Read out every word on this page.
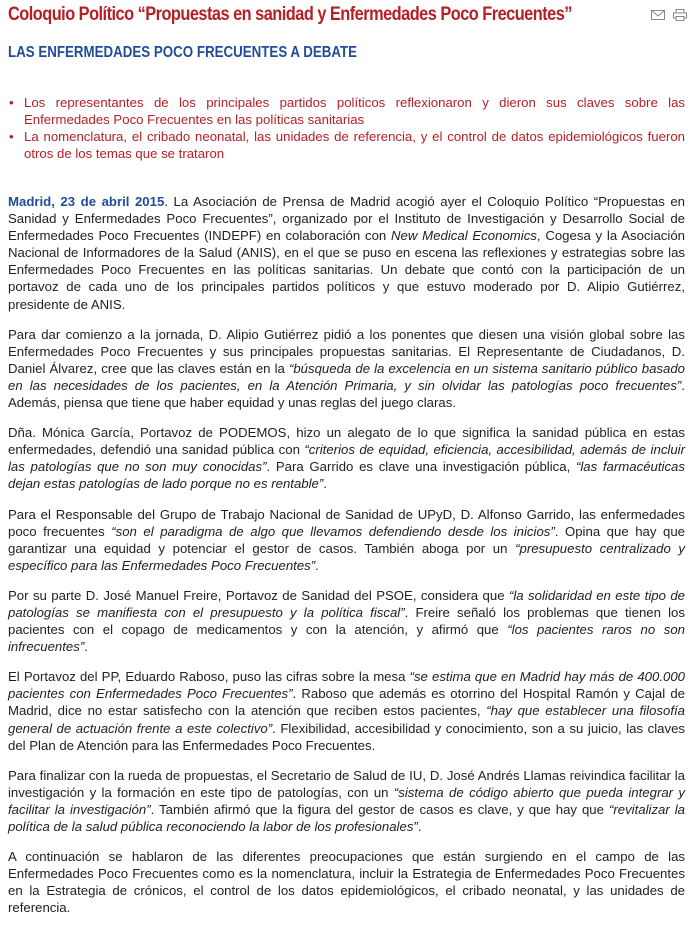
Coloquio Político “Propuestas en sanidad y Enfermedades Poco Frecuentes”
LAS ENFERMEDADES POCO FRECUENTES A DEBATE
• Los representantes de los principales partidos políticos reflexionaron y dieron sus claves sobre las Enfermedades Poco Frecuentes en las políticas sanitarias
• La nomenclatura, el cribado neonatal, las unidades de referencia, y el control de datos epidemiológicos fueron otros de los temas que se trataron

Madrid, 23 de abril 2015. La Asociación de Prensa de Madrid acogió ayer el Coloquio Político “Propuestas en Sanidad y Enfermedades Poco Frecuentes”, organizado por el Instituto de Investigación y Desarrollo Social de Enfermedades Poco Frecuentes (INDEPF) en colaboración con New Medical Economics, Cogesa y la Asociación Nacional de Informadores de la Salud (ANIS), en el que se puso en escena las reflexiones y estrategias sobre las Enfermedades Poco Frecuentes en las políticas sanitarias. Un debate que contó con la participación de un portavoz de cada uno de los principales partidos políticos y que estuvo moderado por D. Alipio Gutiérrez, presidente de ANIS.

Para dar comienzo a la jornada, D. Alipio Gutiérrez pidió a los ponentes que diesen una visión global sobre las Enfermedades Poco Frecuentes y sus principales propuestas sanitarias. El Representante de Ciudadanos, D. Daniel Álvarez, cree que las claves están en la “búsqueda de la excelencia en un sistema sanitario público basado en las necesidades de los pacientes, en la Atención Primaria, y sin olvidar las patologías poco frecuentes”. Además, piensa que tiene que haber equidad y unas reglas del juego claras.

Dña. Mónica García, Portavoz de PODEMOS, hizo un alegato de lo que significa la sanidad pública en estas enfermedades, defendió una sanidad pública con “criterios de equidad, eficiencia, accesibilidad, además de incluir las patologías que no son muy conocidas”. Para Garrido es clave una investigación pública, “las farmacéuticas dejan estas patologías de lado porque no es rentable”.

Para el Responsable del Grupo de Trabajo Nacional de Sanidad de UPyD, D. Alfonso Garrido, las enfermedades poco frecuentes “son el paradigma de algo que llevamos defendiendo desde los inicios”. Opina que hay que garantizar una equidad y potenciar el gestor de casos. También aboga por un “presupuesto centralizado y específico para las Enfermedades Poco Frecuentes”.

Por su parte D. José Manuel Freire, Portavoz de Sanidad del PSOE, considera que “la solidaridad en este tipo de patologías se manifiesta con el presupuesto y la política fiscal”. Freire señaló los problemas que tienen los pacientes con el copago de medicamentos y con la atención, y afirmó que “los pacientes raros no son infrecuentes”.

El Portavoz del PP, Eduardo Raboso, puso las cifras sobre la mesa “se estima que en Madrid hay más de 400.000 pacientes con Enfermedades Poco Frecuentes”. Raboso que además es otorrino del Hospital Ramón y Cajal de Madrid, dice no estar satisfecho con la atención que reciben estos pacientes, “hay que establecer una filosofía general de actuación frente a este colectivo”. Flexibilidad, accesibilidad y conocimiento, son a su juicio, las claves del Plan de Atención para las Enfermedades Poco Frecuentes.

Para finalizar con la rueda de propuestas, el Secretario de Salud de IU, D. José Andrés Llamas reivindica facilitar la investigación y la formación en este tipo de patologías, con un “sistema de código abierto que pueda integrar y facilitar la investigación”. También afirmó que la figura del gestor de casos es clave, y que hay que “revitalizar la política de la salud pública reconociendo la labor de los profesionales”.

A continuación se hablaron de las diferentes preocupaciones que están surgiendo en el campo de las Enfermedades Poco Frecuentes como es la nomenclatura, incluir la Estrategia de Enfermedades Poco Frecuentes en la Estrategia de crónicos, el control de los datos epidemiológicos, el cribado neonatal, y las unidades de referencia.
